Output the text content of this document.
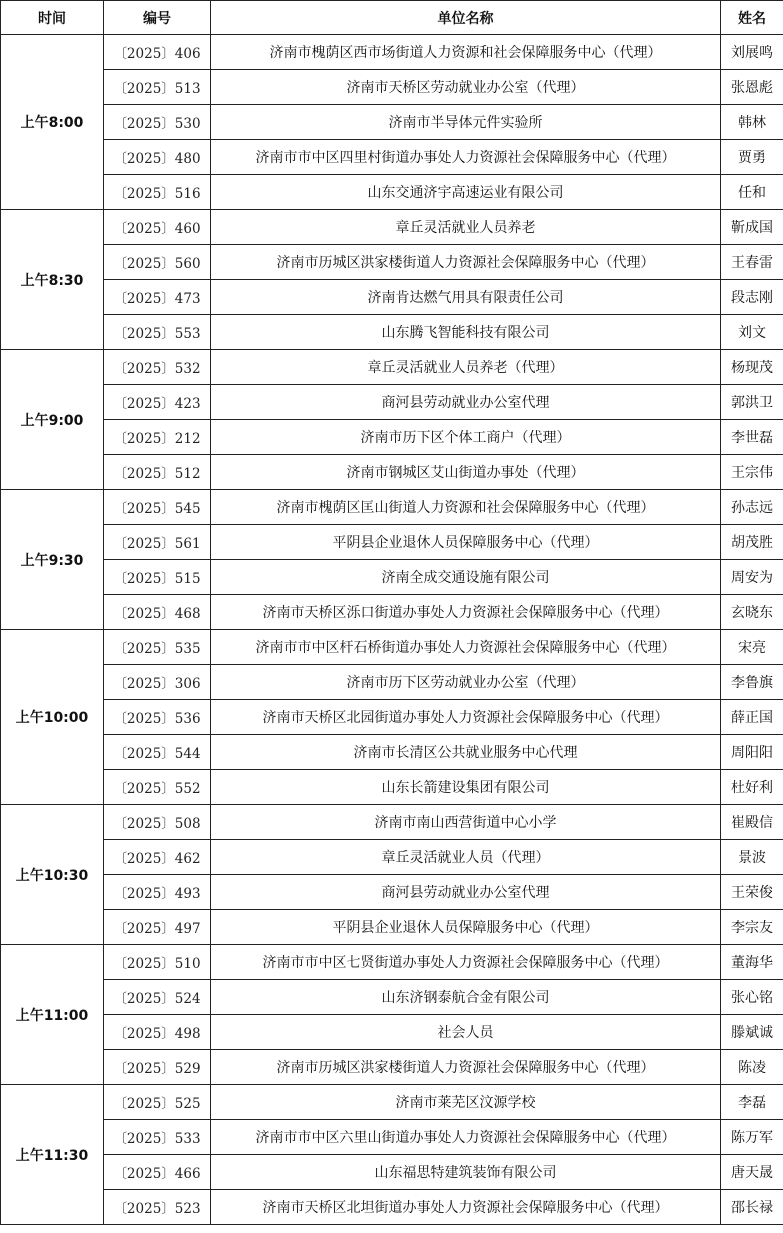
时间	编号	单位名称	姓名
上午8:00	〔2025〕406	济南市槐荫区西市场街道人力资源和社会保障服务中心（代理）	刘展鸣
	〔2025〕513	济南市天桥区劳动就业办公室（代理）	张恩彪
	〔2025〕530	济南市半导体元件实验所	韩林
	〔2025〕480	济南市市中区四里村街道办事处人力资源社会保障服务中心（代理）	贾勇
	〔2025〕516	山东交通济宇高速运业有限公司	任和
上午8:30	〔2025〕460	章丘灵活就业人员养老	靳成国
	〔2025〕560	济南市历城区洪家楼街道人力资源社会保障服务中心（代理）	王春雷
	〔2025〕473	济南肯达燃气用具有限责任公司	段志刚
	〔2025〕553	山东腾飞智能科技有限公司	刘文
上午9:00	〔2025〕532	章丘灵活就业人员养老（代理）	杨现茂
	〔2025〕423	商河县劳动就业办公室代理	郭洪卫
	〔2025〕212	济南市历下区个体工商户（代理）	李世磊
	〔2025〕512	济南市钢城区艾山街道办事处（代理）	王宗伟
上午9:30	〔2025〕545	济南市槐荫区匡山街道人力资源和社会保障服务中心（代理）	孙志远
	〔2025〕561	平阴县企业退休人员保障服务中心（代理）	胡茂胜
	〔2025〕515	济南全成交通设施有限公司	周安为
	〔2025〕468	济南市天桥区泺口街道办事处人力资源社会保障服务中心（代理）	玄晓东
上午10:00	〔2025〕535	济南市市中区杆石桥街道办事处人力资源社会保障服务中心（代理）	宋亮
	〔2025〕306	济南市历下区劳动就业办公室（代理）	李鲁旗
	〔2025〕536	济南市天桥区北园街道办事处人力资源社会保障服务中心（代理）	薛正国
	〔2025〕544	济南市长清区公共就业服务中心代理	周阳阳
	〔2025〕552	山东长箭建设集团有限公司	杜好利
上午10:30	〔2025〕508	济南市南山西营街道中心小学	崔殿信
	〔2025〕462	章丘灵活就业人员（代理）	景波
	〔2025〕493	商河县劳动就业办公室代理	王荣俊
	〔2025〕497	平阴县企业退休人员保障服务中心（代理）	李宗友
上午11:00	〔2025〕510	济南市市中区七贤街道办事处人力资源社会保障服务中心（代理）	董海华
	〔2025〕524	山东济钢泰航合金有限公司	张心铭
	〔2025〕498	社会人员	滕斌诚
	〔2025〕529	济南市历城区洪家楼街道人力资源社会保障服务中心（代理）	陈凌
上午11:30	〔2025〕525	济南市莱芜区汶源学校	李磊
	〔2025〕533	济南市市中区六里山街道办事处人力资源社会保障服务中心（代理）	陈万军
	〔2025〕466	山东福思特建筑装饰有限公司	唐天晟
	〔2025〕523	济南市天桥区北坦街道办事处人力资源社会保障服务中心（代理）	邵长禄
